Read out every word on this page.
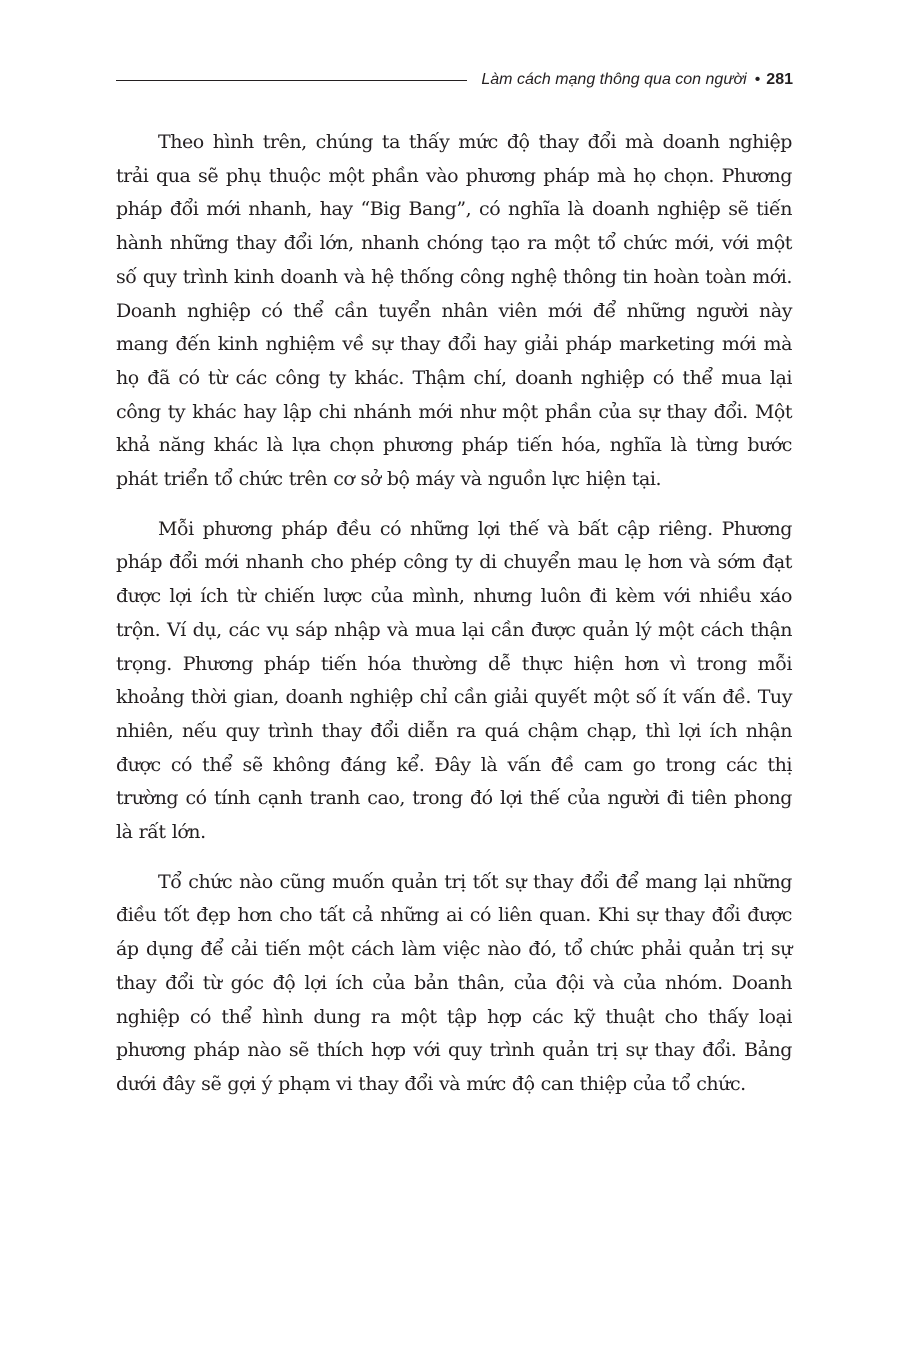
Làm cách mạng thông qua con người • 281

Theo hình trên, chúng ta thấy mức độ thay đổi mà doanh nghiệp trải qua sẽ phụ thuộc một phần vào phương pháp mà họ chọn. Phương pháp đổi mới nhanh, hay “Big Bang”, có nghĩa là doanh nghiệp sẽ tiến hành những thay đổi lớn, nhanh chóng tạo ra một tổ chức mới, với một số quy trình kinh doanh và hệ thống công nghệ thông tin hoàn toàn mới. Doanh nghiệp có thể cần tuyển nhân viên mới để những người này mang đến kinh nghiệm về sự thay đổi hay giải pháp marketing mới mà họ đã có từ các công ty khác. Thậm chí, doanh nghiệp có thể mua lại công ty khác hay lập chi nhánh mới như một phần của sự thay đổi. Một khả năng khác là lựa chọn phương pháp tiến hóa, nghĩa là từng bước phát triển tổ chức trên cơ sở bộ máy và nguồn lực hiện tại.

Mỗi phương pháp đều có những lợi thế và bất cập riêng. Phương pháp đổi mới nhanh cho phép công ty di chuyển mau lẹ hơn và sớm đạt được lợi ích từ chiến lược của mình, nhưng luôn đi kèm với nhiều xáo trộn. Ví dụ, các vụ sáp nhập và mua lại cần được quản lý một cách thận trọng. Phương pháp tiến hóa thường dễ thực hiện hơn vì trong mỗi khoảng thời gian, doanh nghiệp chỉ cần giải quyết một số ít vấn đề. Tuy nhiên, nếu quy trình thay đổi diễn ra quá chậm chạp, thì lợi ích nhận được có thể sẽ không đáng kể. Đây là vấn đề cam go trong các thị trường có tính cạnh tranh cao, trong đó lợi thế của người đi tiên phong là rất lớn.

Tổ chức nào cũng muốn quản trị tốt sự thay đổi để mang lại những điều tốt đẹp hơn cho tất cả những ai có liên quan. Khi sự thay đổi được áp dụng để cải tiến một cách làm việc nào đó, tổ chức phải quản trị sự thay đổi từ góc độ lợi ích của bản thân, của đội và của nhóm. Doanh nghiệp có thể hình dung ra một tập hợp các kỹ thuật cho thấy loại phương pháp nào sẽ thích hợp với quy trình quản trị sự thay đổi. Bảng dưới đây sẽ gợi ý phạm vi thay đổi và mức độ can thiệp của tổ chức.
